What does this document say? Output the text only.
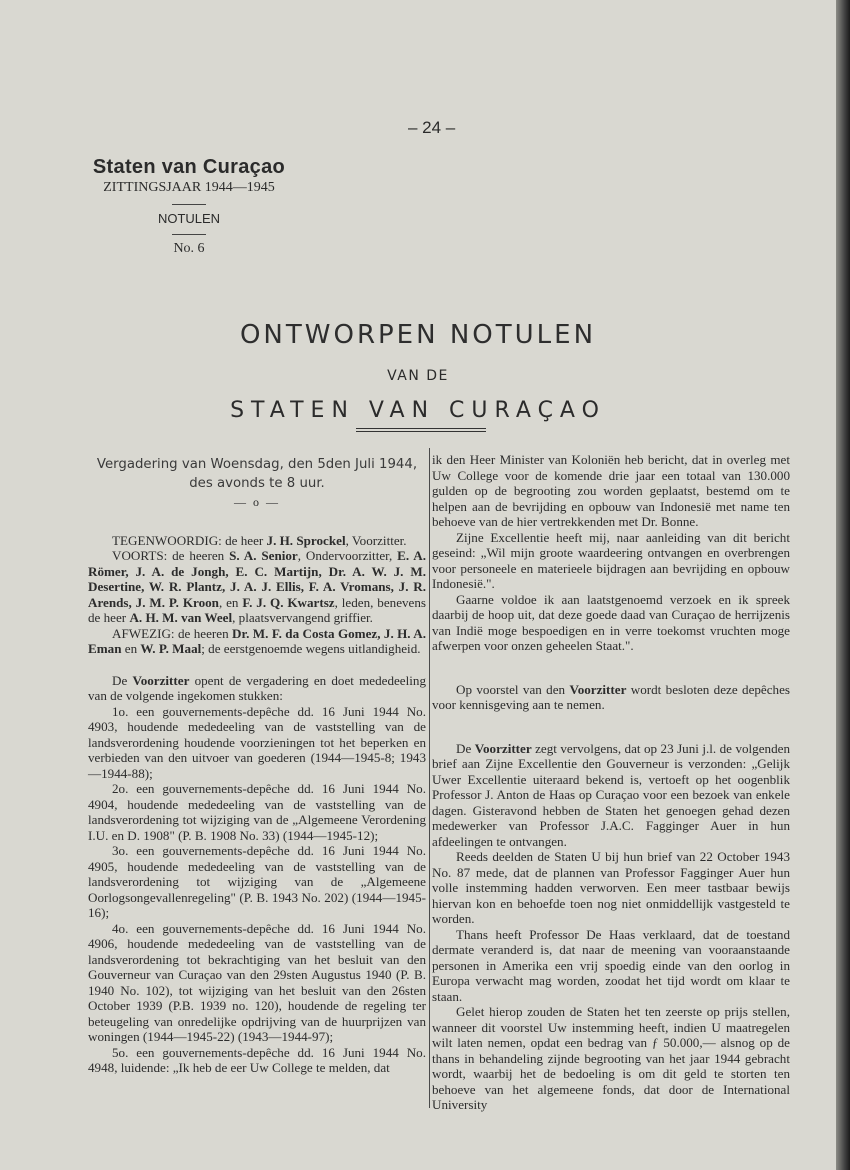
– 24 –
Staten van Curaçao
ZITTINGSJAAR 1944—1945
NOTULEN
No. 6
ONTWORPEN NOTULEN
VAN DE
STATEN VAN CURAÇAO

Vergadering van Woensdag, den 5den Juli 1944,
des avonds te 8 uur.

— o —

TEGENWOORDIG: de heer J. H. Sprockel, Voorzitter.

VOORTS: de heeren S. A. Senior, Ondervoorzitter, E. A. Römer, J. A. de Jongh, E. C. Martijn, Dr. A. W. J. M. Desertine, W. R. Plantz, J. A. J. Ellis, F. A. Vromans, J. R. Arends, J. M. P. Kroon, en F. J. Q. Kwartsz, leden, benevens de heer A. H. M. van Weel, plaatsvervangend griffier.

AFWEZIG: de heeren Dr. M. F. da Costa Gomez, J. H. A. Eman en W. P. Maal; de eerstgenoemde wegens uitlandigheid.

De Voorzitter opent de vergadering en doet mededeeling van de volgende ingekomen stukken:

1o. een gouvernements-depêche dd. 16 Juni 1944 No. 4903, houdende mededeeling van de vaststelling van de landsverordening houdende voorzieningen tot het beperken en verbieden van den uitvoer van goederen (1944—1945-8; 1943—1944-88);

2o. een gouvernements-depêche dd. 16 Juni 1944 No. 4904, houdende mededeeling van de vaststelling van de landsverordening tot wijziging van de „Algemeene Verordening I.U. en D. 1908" (P. B. 1908 No. 33) (1944—1945-12);

3o. een gouvernements-depêche dd. 16 Juni 1944 No. 4905, houdende mededeeling van de vaststelling van de landsverordening tot wijziging van de „Algemeene Oorlogsongevallenregeling" (P. B. 1943 No. 202) (1944—1945-16);

4o. een gouvernements-depêche dd. 16 Juni 1944 No. 4906, houdende mededeeling van de vaststelling van de landsverordening tot bekrachtiging van het besluit van den Gouverneur van Curaçao van den 29sten Augustus 1940 (P. B. 1940 No. 102), tot wijziging van het besluit van den 26sten October 1939 (P.B. 1939 no. 120), houdende de regeling ter beteugeling van onredelijke opdrijving van de huurprijzen van woningen (1944—1945-22) (1943—1944-97);

5o. een gouvernements-depêche dd. 16 Juni 1944 No. 4948, luidende: „Ik heb de eer Uw College te melden, dat

ik den Heer Minister van Koloniën heb bericht, dat in overleg met Uw College voor de komende drie jaar een totaal van 130.000 gulden op de begrooting zou worden geplaatst, bestemd om te helpen aan de bevrijding en opbouw van Indonesië met name ten behoeve van de hier vertrekkenden met Dr. Bonne.

Zijne Excellentie heeft mij, naar aanleiding van dit bericht geseind: „Wil mijn groote waardeering ontvangen en overbrengen voor personeele en materieele bijdragen aan bevrijding en opbouw Indonesië.".

Gaarne voldoe ik aan laatstgenoemd verzoek en ik spreek daarbij de hoop uit, dat deze goede daad van Curaçao de herrijzenis van Indië moge bespoedigen en in verre toekomst vruchten moge afwerpen voor onzen geheelen Staat.".

Op voorstel van den Voorzitter wordt besloten deze depêches voor kennisgeving aan te nemen.

De Voorzitter zegt vervolgens, dat op 23 Juni j.l. de volgenden brief aan Zijne Excellentie den Gouverneur is verzonden: „Gelijk Uwer Excellentie uiteraard bekend is, vertoeft op het oogenblik Professor J. Anton de Haas op Curaçao voor een bezoek van enkele dagen. Gisteravond hebben de Staten het genoegen gehad dezen medewerker van Professor J.A.C. Fagginger Auer in hun afdeelingen te ontvangen.

Reeds deelden de Staten U bij hun brief van 22 October 1943 No. 87 mede, dat de plannen van Professor Fagginger Auer hun volle instemming hadden verworven. Een meer tastbaar bewijs hiervan kon en behoefde toen nog niet onmiddellijk vastgesteld te worden.

Thans heeft Professor De Haas verklaard, dat de toestand dermate veranderd is, dat naar de meening van vooraanstaande personen in Amerika een vrij spoedig einde van den oorlog in Europa verwacht mag worden, zoodat het tijd wordt om klaar te staan.

Gelet hierop zouden de Staten het ten zeerste op prijs stellen, wanneer dit voorstel Uw instemming heeft, indien U maatregelen wilt laten nemen, opdat een bedrag van ƒ 50.000,— alsnog op de thans in behandeling zijnde begrooting van het jaar 1944 gebracht wordt, waarbij het de bedoeling is om dit geld te storten ten behoeve van het algemeene fonds, dat door de International University
